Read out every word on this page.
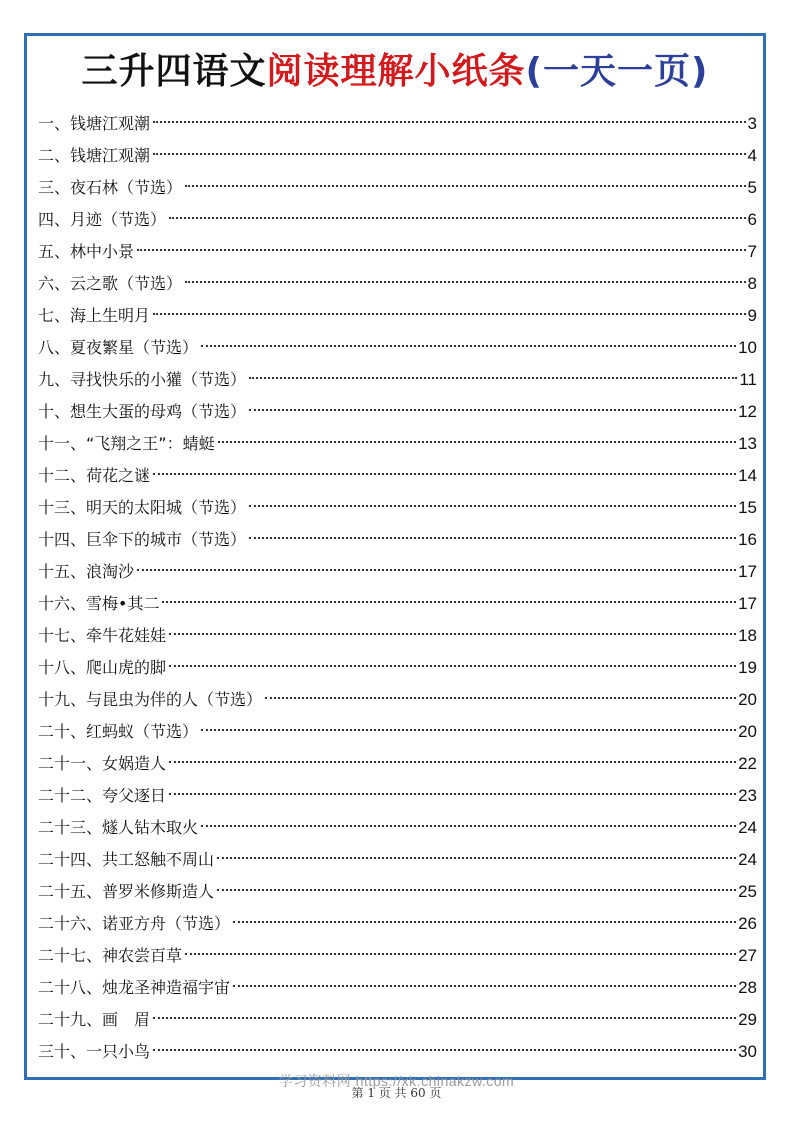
三升四语文阅读理解小纸条(一天一页)
一、钱塘江观潮	3
二、钱塘江观潮	4
三、夜石林（节选）	5
四、月迹（节选）	6
五、林中小景	7
六、云之歌（节选）	8
七、海上生明月	9
八、夏夜繁星（节选）	10
九、寻找快乐的小獾（节选）	11
十、想生大蛋的母鸡（节选）	12
十一、“飞翔之王”：蜻蜓	13
十二、荷花之谜	14
十三、明天的太阳城（节选）	15
十四、巨伞下的城市（节选）	16
十五、浪淘沙	17
十六、雪梅•其二	17
十七、牵牛花娃娃	18
十八、爬山虎的脚	19
十九、与昆虫为伴的人（节选）	20
二十、红蚂蚁（节选）	20
二十一、女娲造人	22
二十二、夸父逐日	23
二十三、燧人钻木取火	24
二十四、共工怒触不周山	24
二十五、普罗米修斯造人	25
二十六、诺亚方舟（节选）	26
二十七、神农尝百草	27
二十八、烛龙圣神造福宇宙	28
二十九、画　眉	29
三十、一只小鸟	30
学习资料网 https://xk.chinakzw.com
第 1 页 共 60 页
